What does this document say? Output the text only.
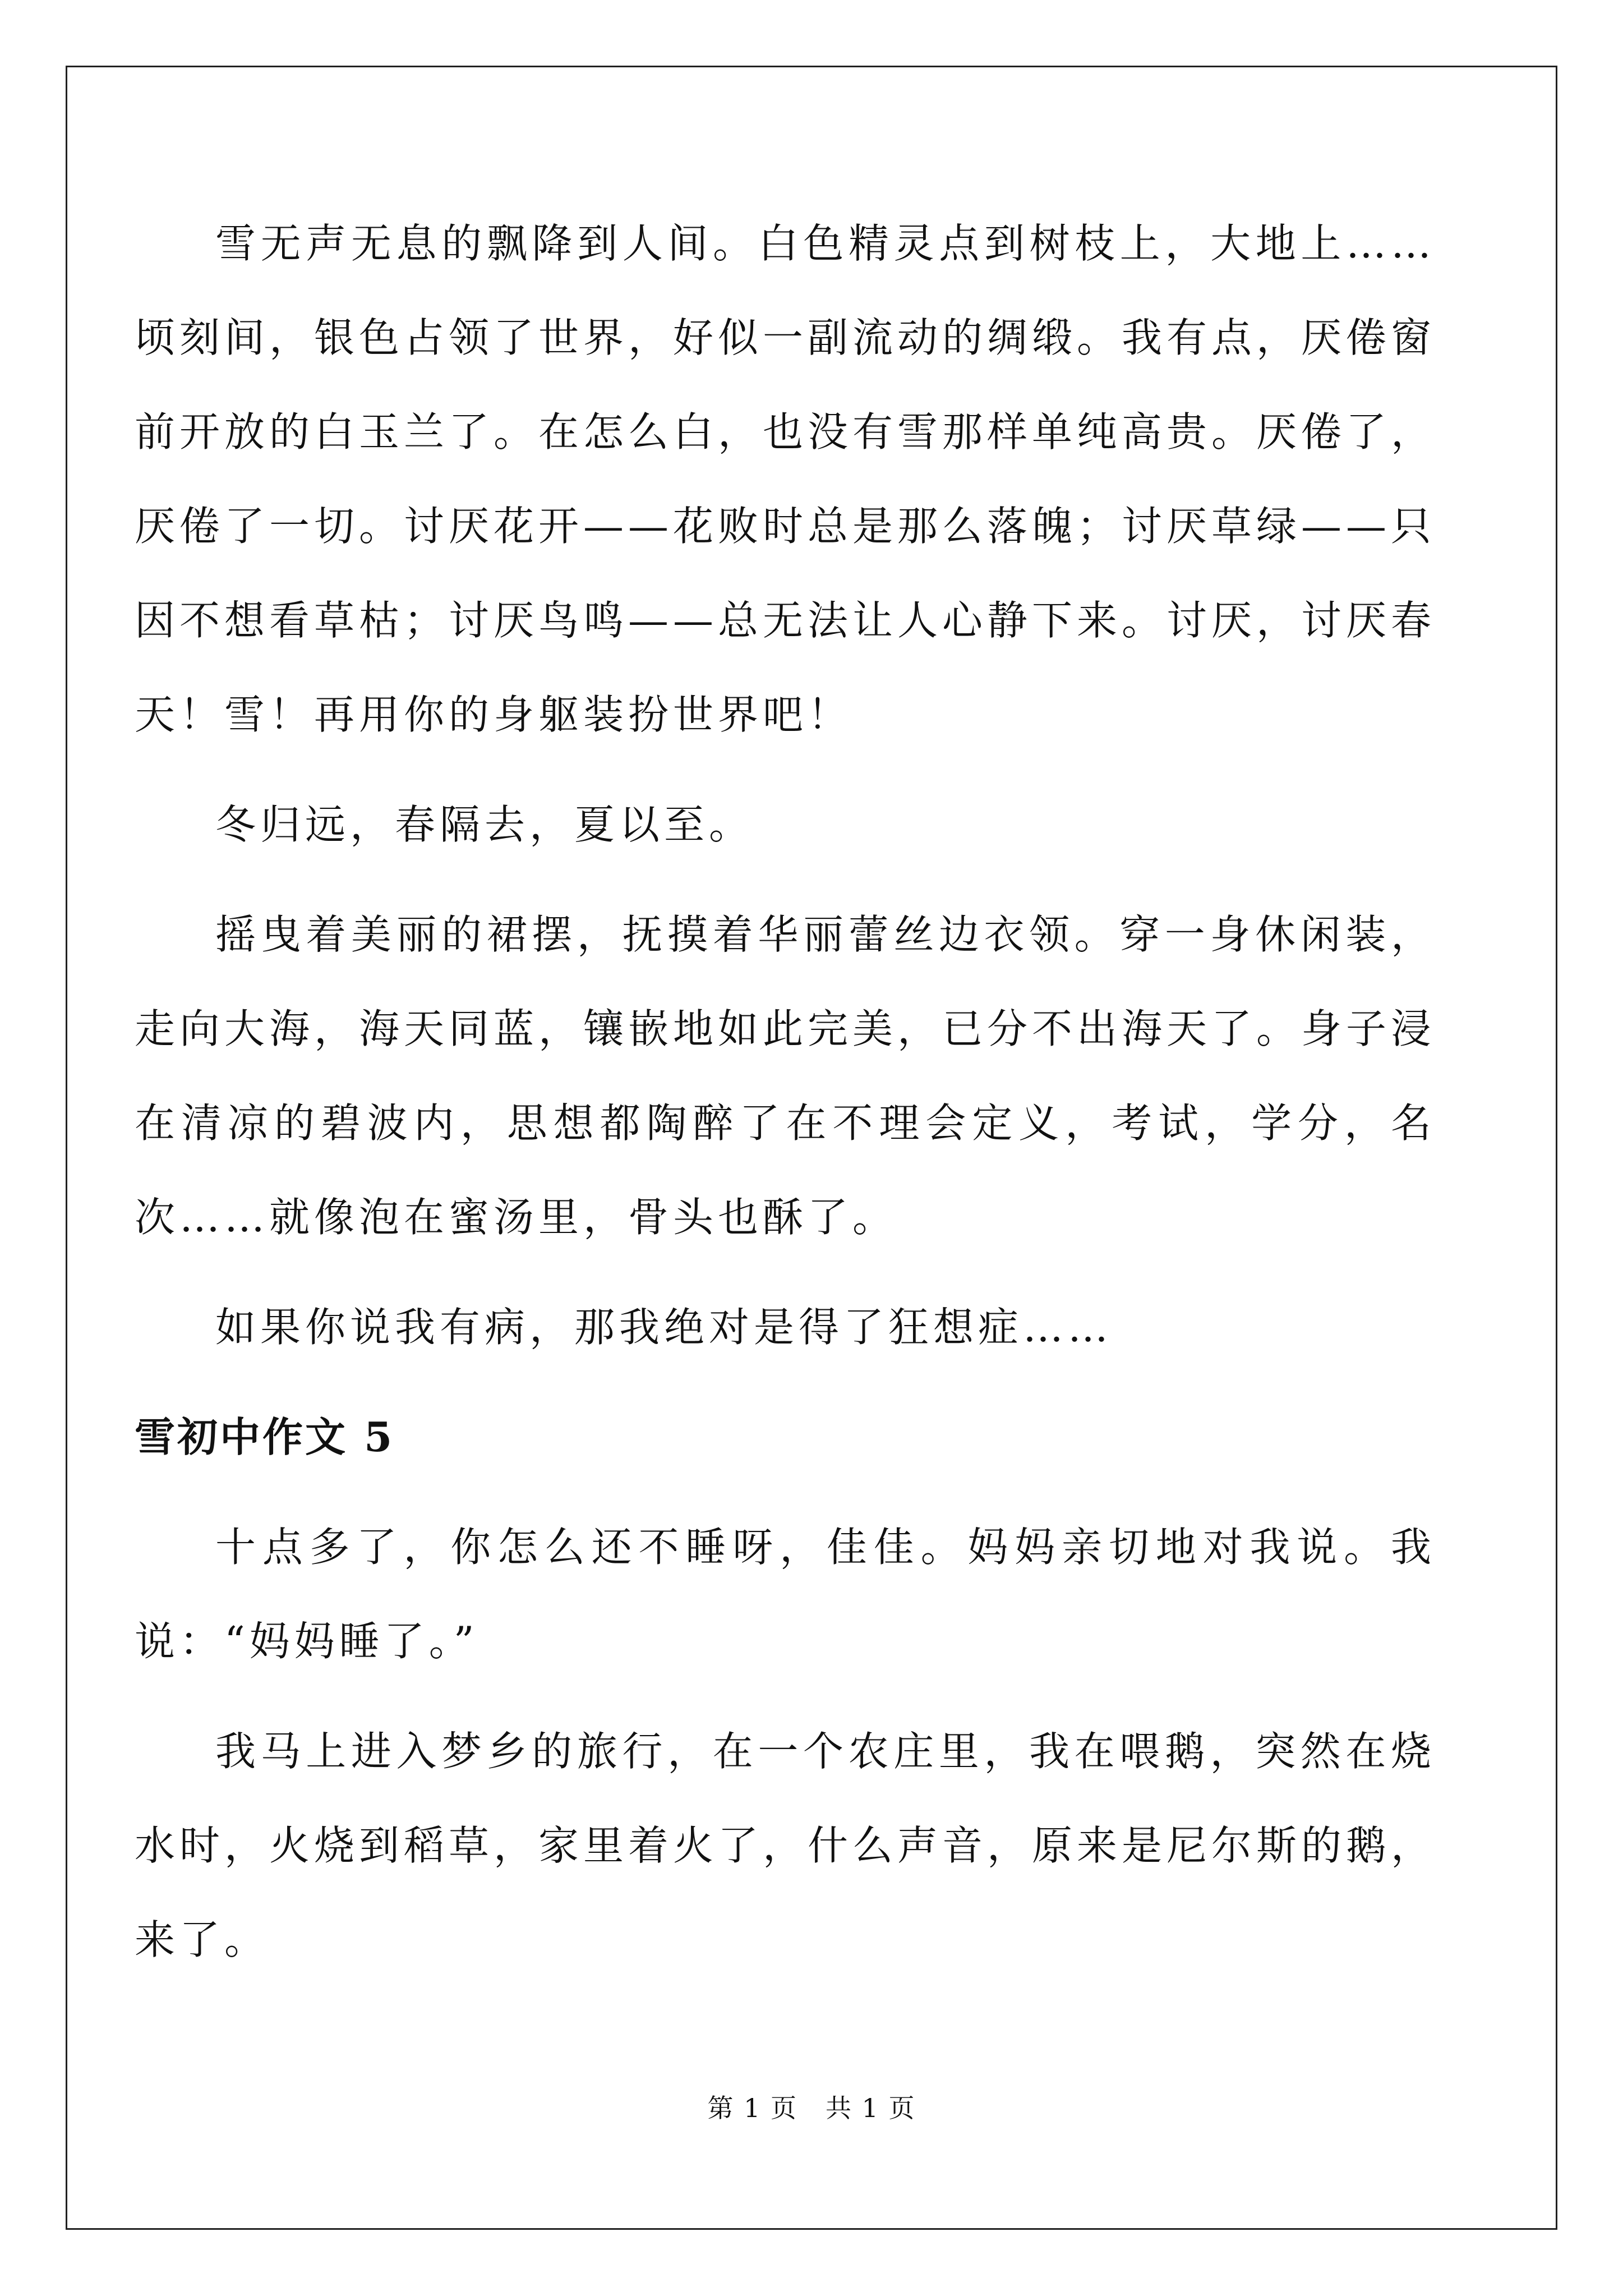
雪无声无息的飘降到人间。白色精灵点到树枝上，大地上……顷刻间，银色占领了世界，好似一副流动的绸缎。我有点，厌倦窗前开放的白玉兰了。在怎么白，也没有雪那样单纯高贵。厌倦了，厌倦了一切。讨厌花开——花败时总是那么落魄；讨厌草绿——只因不想看草枯；讨厌鸟鸣——总无法让人心静下来。讨厌，讨厌春天！雪！再用你的身躯装扮世界吧！

冬归远，春隔去，夏以至。

摇曳着美丽的裙摆，抚摸着华丽蕾丝边衣领。穿一身休闲装，走向大海，海天同蓝，镶嵌地如此完美，已分不出海天了。身子浸在清凉的碧波内，思想都陶醉了在不理会定义，考试，学分，名次……就像泡在蜜汤里，骨头也酥了。

如果你说我有病，那我绝对是得了狂想症……

雪初中作文 5

十点多了，你怎么还不睡呀，佳佳。妈妈亲切地对我说。我说：“妈妈睡了。”

我马上进入梦乡的旅行，在一个农庄里，我在喂鹅，突然在烧水时，火烧到稻草，家里着火了，什么声音，原来是尼尔斯的鹅，来了。

第 1 页 共 1 页
